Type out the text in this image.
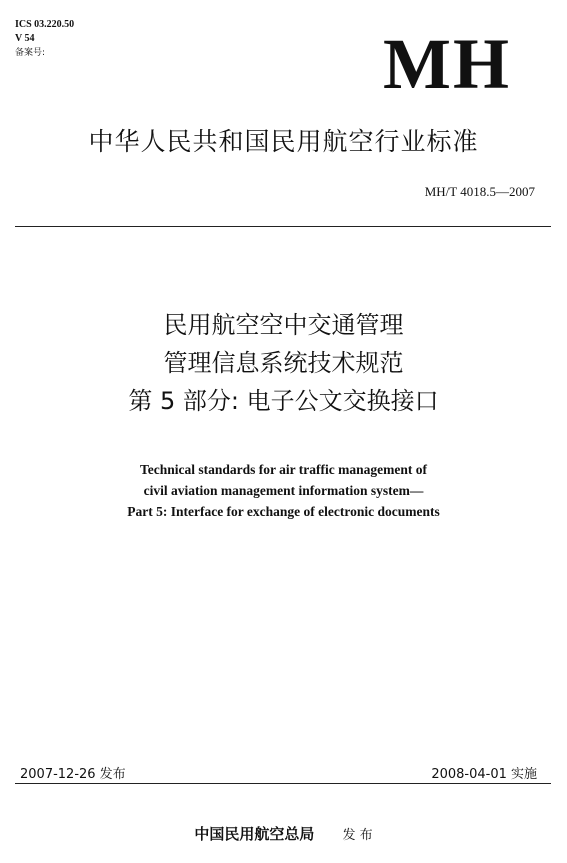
ICS 03.220.50
V 54
备案号:	MH
中华人民共和国民用航空行业标准
MH/T 4018.5—2007
民用航空空中交通管理
管理信息系统技术规范
第 5 部分: 电子公文交换接口
Technical standards for air traffic management of
civil aviation management information system—
Part 5: Interface for exchange of electronic documents
2007-12-26 发布	2008-04-01 实施
中国民用航空总局 发 布
